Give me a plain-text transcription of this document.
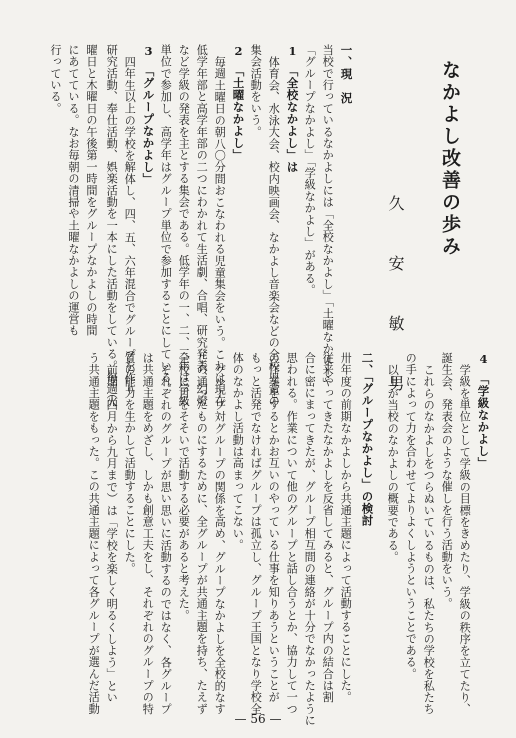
なかよし改善の歩み
久　安　敏　男
一、現　況
当校で行っているなかよしには「全校なかよし」「土曜なかよし」
「グループなかよし」「学級なかよし」がある。
1　「全校なかよし」は
体育会、水泳大会、校内映画会、なかよし音楽会などの全校児童の
集会活動をいう。
2　「土曜なかよし」
毎週土曜日の朝八〇分間おこなわれる児童集会をいう。これは現在
低学年部と高学年部の二つにわかれて生活劇、合唱、研究発表、幻燈
など学級の発表を主とする集会である。低学年の一、二、三年は学級
単位で参加し、高学年はグループ単位で参加することにしている。
3　「グループなかよし」
四年生以上の学校を解体し、四、五、六年混合でグループを作り
研究活動、奉仕活動、娯楽活動を一本にした活動をしている。毎週火
曜日と木曜日の午後第一時間をグループなかよしの時間にあてている。なお毎朝の清掃や土曜なかよしの運営も行っている。
4　「学級なかよし」
学級を単位として学級の目標をきめたり、学級の秩序を立てたり、
誕生会、発表会のような催しを行う活動をいう。
これらのなかよしをつらぬいているものは、私たちの学校を私たち
の手によって力を合わせてよりよくしようということである。
以上が当校のなかよしの概要である。
二、「グループなかよし」の検討
卅年度の前期なかよしから共通主題によって活動することにした。
従来やってきたなかよしを反省してみると、グループ内の結合は割
合に密にまってきたが、グループ相互間の連絡が十分でなかったように
思われる。作業について他のグループと話し合うとか、協力して一つ
の作業をするとかお互いのやっている仕事を知りあうということが
もっと活発でなければグループは孤立し、グループ王国となり学校全
体のなかよし活動は高まってこない。
グループ対グループの関係を高め、グループなかよしを全校的なす
じの通ったものにするために、全グループが共通主題を持ち、たえず
全校に目をそそいで活動する必要があると考えた。
それぞれのグループが思い思いに活動するのではなく、各グループ
は共通主題をめざし、しかも創意工夫をし、それぞれのグループの特
質の能力を生かして活動することにした。
前期（四月から九月まで）は「学校を楽しく明るくしよう」とい
う共通主題をもった。この共通主題によって各グループが選んだ活動
— 56 —
